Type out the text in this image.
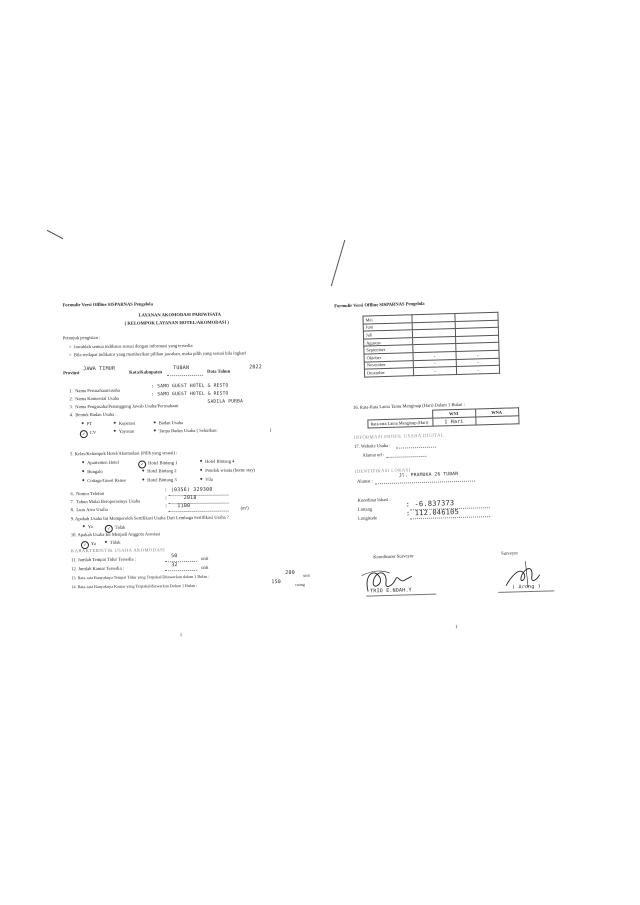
Formulir Versi Offline SISPARNAS Pengelola
LAYANAN AKOMODASI PARIWISATA
( KELOMPOK LAYANAN HOTEL/AKOMODASI )
Petunjuk pengisian :
>  Jawablah semua indikator sesuai dengan informasi yang tersedia
>  Bila terdapat indikator yang memberikan pilihan jawaban, maka pilih yang sesuai bila ingkari
Provinsi
JAWA TIMUR	Kota/Kabupaten
TUBAN
Data Tahun
2022
1. Nama Perusahaan/usaha
: SAMO GUEST HOTEL & RESTO
2. Nama Komersial Usaha
: SAMO GUEST HOTEL & RESTO
3. Nama Pengusaha/Penanggung Jawab Usaha/Perusahaan
SADILA PURBA
4. Bentuk Badan Usaha :
PT	Koperasi	Badan Usaha
✓ CV	Yayasan	Tanpa Badan Usaha ( Sebutkan:	)
5. Kelas/Kelompok Hotel/Akomodasi (Pilih yang sesuai) :
Apartemen Hotel	✓ Hotel Bintang 1	Hotel Bintang 4
Bungalo	Hotel Bintang 2	Pondok wisata (home stay)
Cottage/Guest Renee	Hotel Bintang 3	Vila
6. Nomor Telefon
: (0356) 329300
7. Tahun Mulai Beroperasinya Usaha
:     2018
8. Luas Area Usaha
:   1100	(m²)
9. Apakah Usaha Ini Memperoleh Sertifikasi Usaha Dari Lembaga Sertifikasi Usaha ?
Ya	✓ Tidak
10. Apakah Usaha Ini Menjadi Anggota Asosiasi
✓ Ya	Tidak
KARAKTERISTIK USAHA AKOMODASI
11. Jumlah Tempat Tidur Tersedia :
50	unit
12. Jumlah Kamar Tersedia :
32	unit
13. Rata-rata Banyaknya Tempat Tidur yang Terpakai/Ditawarkan dalam 1 Bulan :
200 unit
14. Rata-rata Banyaknya Kamar yang Terpakai/diawarkan Dalam 1 Bulan :
150	ruang
1
Formulir Versi Offline SISPARNAS Pengelola
Mei		
Juni		
Juli		
Agustus		
September		
Oktober	-	-
November	-	-
Desember	-	-
16. Rata-Rata Lama Tamu Menginap (Hari) Dalam 1 Bulan :
	WNI	WNA
Rata-rata Lama Menginap (Hari)	1 Hari	
INFORMASI PROFIL USAHA DIGITAL
17. Website Usaha :
Alamat url :
IDENTIFIKASI LOKASI
Alamat :
Jl. PRAMUKA 26 TUBAN
Koordinat lokasi :
Lintang
: -6.837373
Longitude
: 112.046105
Koordinator Surveyor
Surveyor
TRIO E.NDAH.Y	( Arong )
1
